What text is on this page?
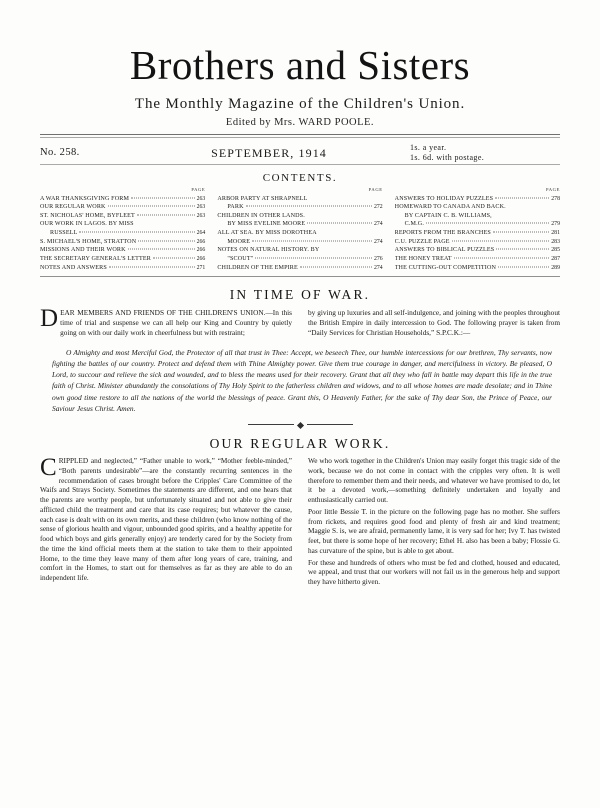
Brothers and Sisters
The Monthly Magazine of the Children's Union.
Edited by Mrs. WARD POOLE.
No. 258.	SEPTEMBER, 1914	1s. a year.
1s. 6d. with postage.
CONTENTS.
PAGE
A WAR THANKSGIVING FORM	263
OUR REGULAR WORK	263
ST. NICHOLAS' HOME, BYFLEET	263
OUR WORK IN LAGOS. BY MISS
RUSSELL	264
S. MICHAEL'S HOME, STRATTON	266
MISSIONS AND THEIR WORK	266
THE SECRETARY GENERAL'S LETTER	266
NOTES AND ANSWERS	271
PAGE
ARBOR PARTY AT SHRAPNELL
PARK	272
CHILDREN IN OTHER LANDS.
BY MISS EVELINE MOORE	274
ALL AT SEA. BY MISS DOROTHEA
MOORE	274
NOTES ON NATURAL HISTORY. BY
"SCOUT"	276
CHILDREN OF THE EMPIRE	274
PAGE
ANSWERS TO HOLIDAY PUZZLES	278
HOMEWARD TO CANADA AND BACK.
BY CAPTAIN C. B. WILLIAMS,
C.M.G.	279
REPORTS FROM THE BRANCHES	281
C.U. PUZZLE PAGE	283
ANSWERS TO BIBLICAL PUZZLES	285
THE HONEY TREAT	287
THE CUTTING-OUT COMPETITION	289
IN TIME OF WAR.

DEAR MEMBERS AND FRIENDS OF THE CHILDREN'S UNION.—In this time of trial and suspense we can all help our King and Country by quietly going on with our daily work in cheerfulness but with restraint;

by giving up luxuries and all self-indulgence, and joining with the peoples throughout the British Empire in daily intercession to God. The following prayer is taken from “Daily Services for Christian Households,” S.P.C.K.:—

O Almighty and most Merciful God, the Protector of all that trust in Thee: Accept, we beseech Thee, our humble intercessions for our brethren, Thy servants, now fighting the battles of our country. Protect and defend them with Thine Almighty power. Give them true courage in danger, and mercifulness in victory. Be pleased, O Lord, to succour and relieve the sick and wounded, and to bless the means used for their recovery. Grant that all they who fall in battle may depart this life in the true faith of Christ. Minister abundantly the consolations of Thy Holy Spirit to the fatherless children and widows, and to all whose homes are made desolate; and in Thine own good time restore to all the nations of the world the blessings of peace. Grant this, O Heavenly Father, for the sake of Thy dear Son, the Prince of Peace, our Saviour Jesus Christ. Amen.
OUR REGULAR WORK.

CRIPPLED and neglected,” “Father unable to work,” “Mother feeble-minded,” “Both parents undesirable”—are the constantly recurring sentences in the recommendation of cases brought before the Cripples' Care Committee of the Waifs and Strays Society. Sometimes the statements are different, and one hears that the parents are worthy people, but unfortunately situated and not able to give their afflicted child the treatment and care that its case requires; but whatever the cause, each case is dealt with on its own merits, and these children (who know nothing of the sense of glorious health and vigour, unbounded good spirits, and a healthy appetite for food which boys and girls generally enjoy) are tenderly cared for by the Society from the time the kind official meets them at the station to take them to their appointed Home, to the time they leave many of them after long years of care, training, and comfort in the Homes, to start out for themselves as far as they are able to do an independent life.

We who work together in the Children's Union may easily forget this tragic side of the work, because we do not come in contact with the cripples very often. It is well therefore to remember them and their needs, and whatever we have promised to do, let it be a devoted work,—something definitely undertaken and loyally and enthusiastically carried out.

Poor little Bessie T. in the picture on the following page has no mother. She suffers from rickets, and requires good food and plenty of fresh air and kind treatment; Maggie S. is, we are afraid, permanently lame, it is very sad for her; Ivy T. has twisted feet, but there is some hope of her recovery; Ethel H. also has been a baby; Flossie G. has curvature of the spine, but is able to get about.

For these and hundreds of others who must be fed and clothed, housed and educated, we appeal, and trust that our workers will not fail us in the generous help and support they have hitherto given.
